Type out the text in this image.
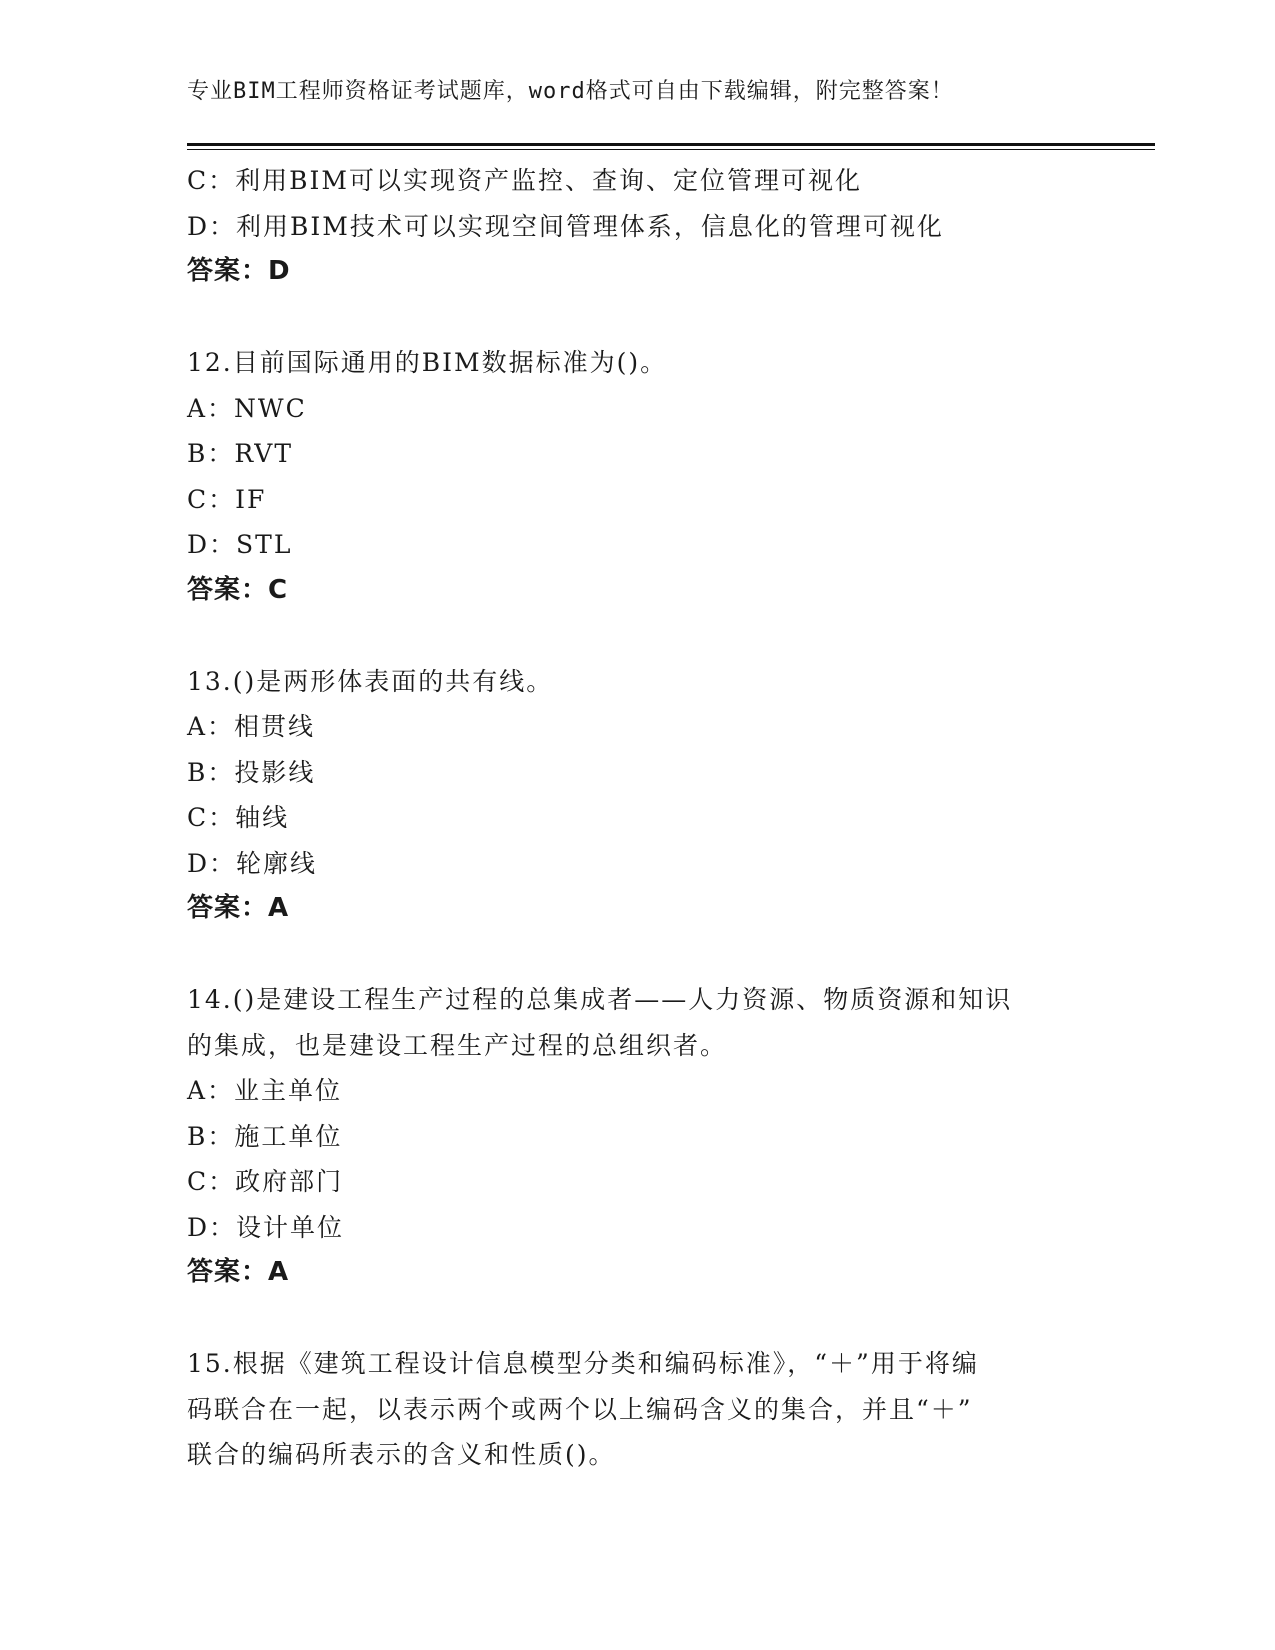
专业BIM工程师资格证考试题库，word格式可自由下载编辑，附完整答案！
C：利用BIM可以实现资产监控、查询、定位管理可视化
D：利用BIM技术可以实现空间管理体系，信息化的管理可视化
答案：D
12.目前国际通用的BIM数据标准为()。
A：NWC
B：RVT
C：IF
D：STL
答案：C
13.()是两形体表面的共有线。
A：相贯线
B：投影线
C：轴线
D：轮廓线
答案：A
14.()是建设工程生产过程的总集成者——人力资源、物质资源和知识
的集成，也是建设工程生产过程的总组织者。
A：业主单位
B：施工单位
C：政府部门
D：设计单位
答案：A
15.根据《建筑工程设计信息模型分类和编码标准》，“＋”用于将编
码联合在一起，以表示两个或两个以上编码含义的集合，并且“＋”
联合的编码所表示的含义和性质()。
